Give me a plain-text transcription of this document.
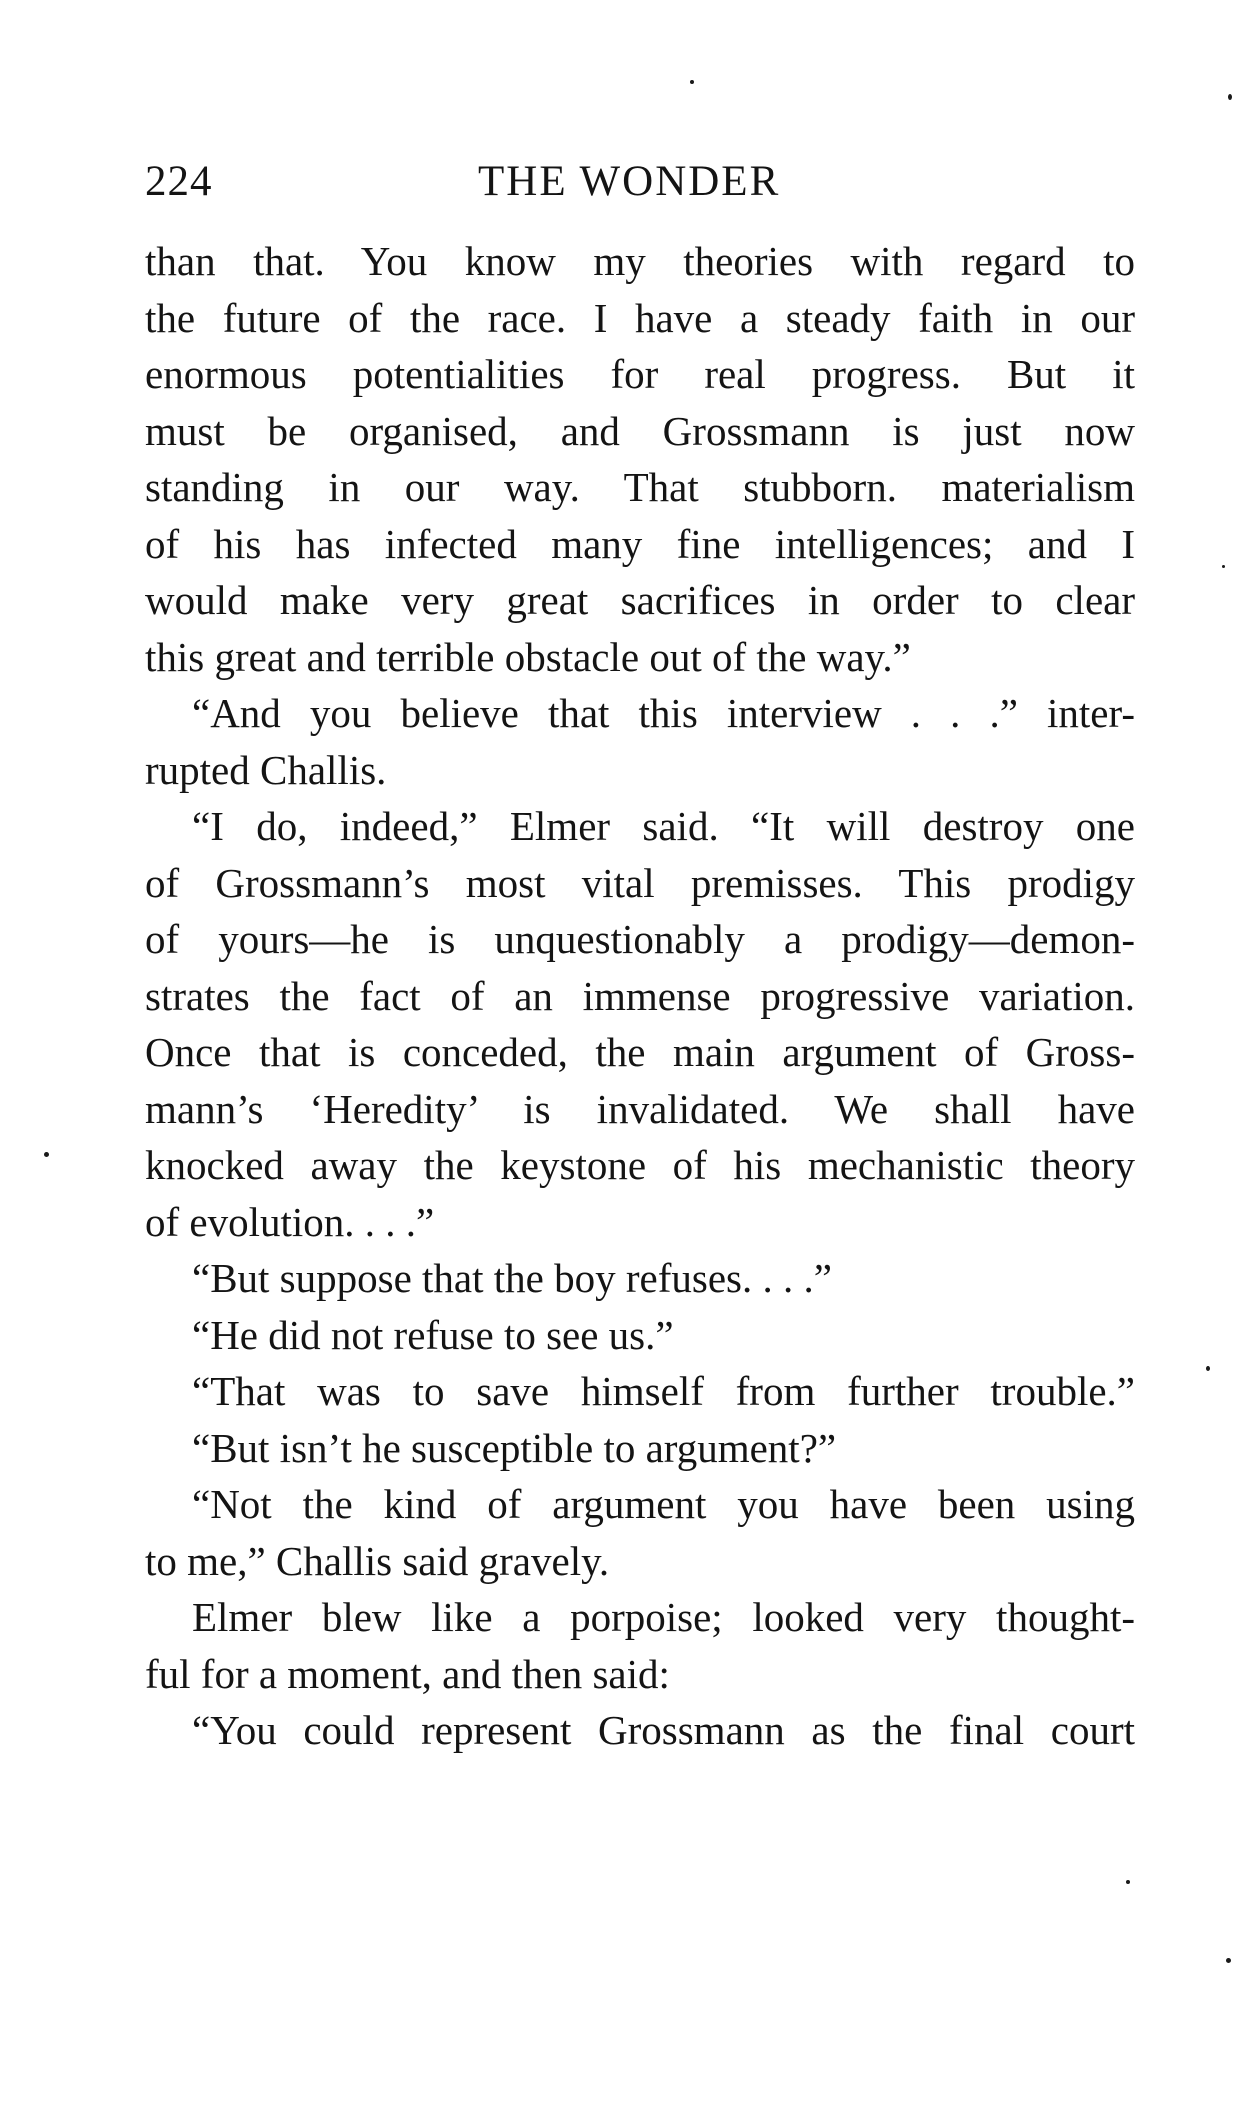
224	THE WONDER
than that. You know my theories with regard to
the future of the race. I have a steady faith in our
enormous potentialities for real progress. But it
must be organised, and Grossmann is just now
standing in our way. That stubborn. materialism
of his has infected many fine intelligences; and I
would make very great sacrifices in order to clear
this great and terrible obstacle out of the way.”
“And you believe that this interview . . .” inter-
rupted Challis.
“I do, indeed,” Elmer said. “It will destroy one
of Grossmann’s most vital premisses. This prodigy
of yours—he is unquestionably a prodigy—demon-
strates the fact of an immense progressive variation.
Once that is conceded, the main argument of Gross-
mann’s ‘Heredity’ is invalidated. We shall have
knocked away the keystone of his mechanistic theory
of evolution. . . .”
“But suppose that the boy refuses. . . .”
“He did not refuse to see us.”
“That was to save himself from further trouble.”
“But isn’t he susceptible to argument?”
“Not the kind of argument you have been using
to me,” Challis said gravely.
Elmer blew like a porpoise; looked very thought-
ful for a moment, and then said:
“You could represent Grossmann as the final court
